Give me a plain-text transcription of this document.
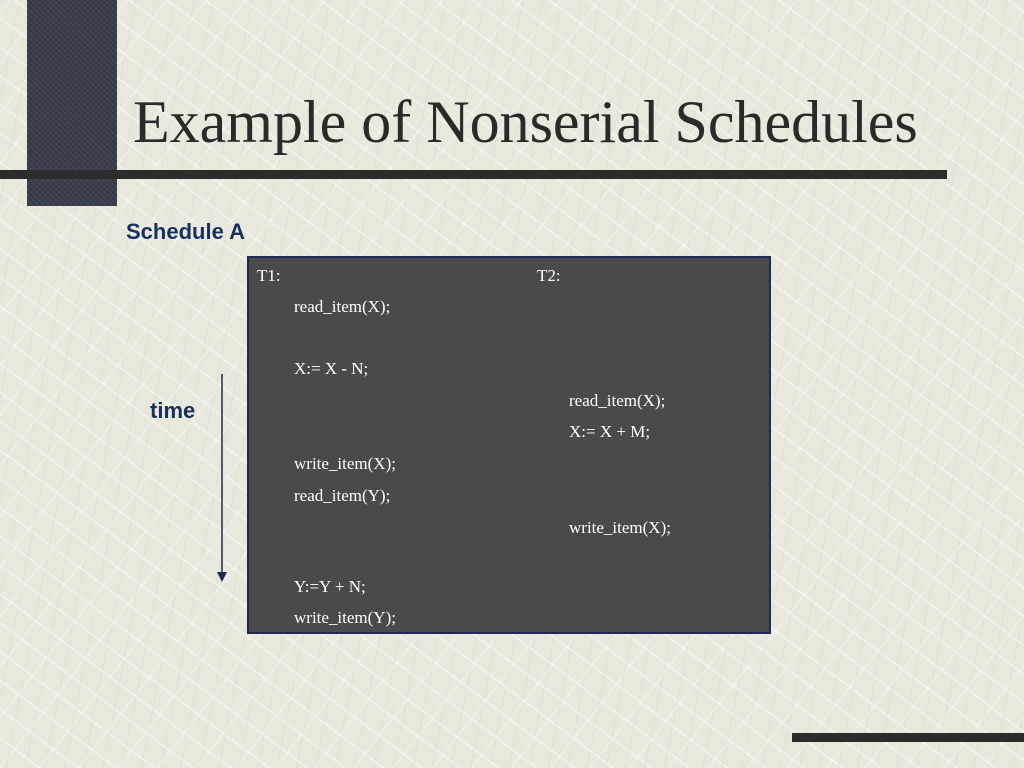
Example of Nonserial Schedules
Schedule A
time
T1:	T2:
read_item(X);
X:= X - N;
read_item(X);
X:= X + M;
write_item(X);
read_item(Y);
write_item(X);
Y:=Y + N;
write_item(Y);
